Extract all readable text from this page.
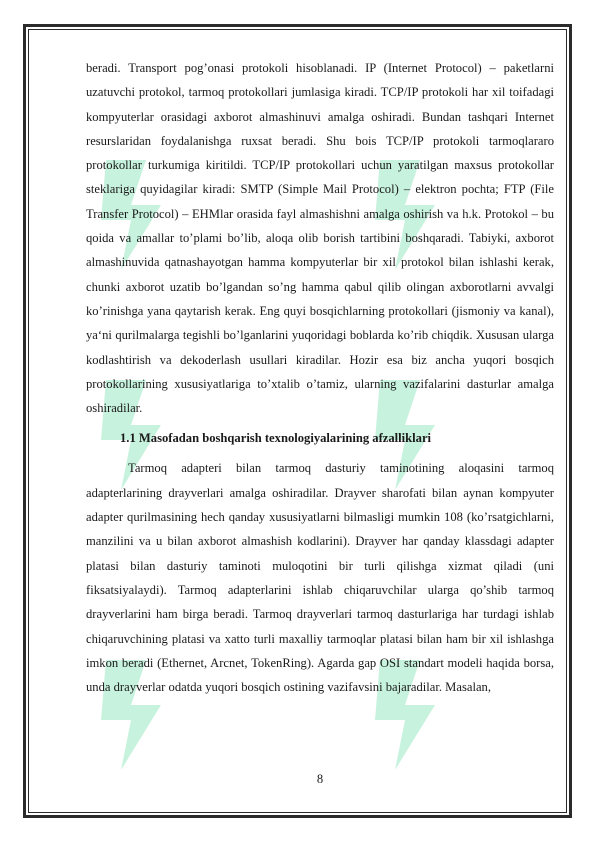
beradi. Transport pog’onasi protokoli hisoblanadi. IP (Internet Protocol) – paketlarni uzatuvchi protokol, tarmoq protokollari jumlasiga kiradi. TCP/IP protokoli har xil toifadagi kompyuterlar orasidagi axborot almashinuvi amalga oshiradi. Bundan tashqari Internet resurslaridan foydalanishga ruxsat beradi. Shu bois TCP/IP protokoli tarmoqlararo protokollar turkumiga kiritildi. TCP/IP protokollari uchun yaratilgan maxsus protokollar steklariga quyidagilar kiradi: SMTP (Simple Mail Protocol) – elektron pochta; FTP (File Transfer Protocol) – EHMlar orasida fayl almashishni amalga oshirish va h.k. Protokol – bu qoida va amallar to’plami bo’lib, aloqa olib borish tartibini boshqaradi. Tabiyki, axborot almashinuvida qatnashayotgan hamma kompyuterlar bir xil protokol bilan ishlashi kerak, chunki axborot uzatib bo’lgandan so’ng hamma qabul qilib olingan axborotlarni avvalgi ko’rinishga yana qaytarish kerak. Eng quyi bosqichlarning protokollari (jismoniy va kanal), ya‘ni qurilmalarga tegishli bo’lganlarini yuqoridagi boblarda ko’rib chiqdik. Xususan ularga kodlashtirish va dekoderlash usullari kiradilar. Hozir esa biz ancha yuqori bosqich protokollarining xususiyatlariga to’xtalib o’tamiz, ularning vazifalarini dasturlar amalga oshiradilar.

1.1 Masofadan boshqarish texnologiyalarining afzalliklari

Tarmoq adapteri bilan tarmoq dasturiy taminotining aloqasini tarmoq adapterlarining drayverlari amalga oshiradilar. Drayver sharofati bilan aynan kompyuter adapter qurilmasining hech qanday xususiyatlarni bilmasligi mumkin 108 (ko’rsatgichlarni, manzilini va u bilan axborot almashish kodlarini). Drayver har qanday klassdagi adapter platasi bilan dasturiy taminoti muloqotini bir turli qilishga xizmat qiladi (uni fiksatsiyalaydi). Tarmoq adapterlarini ishlab chiqaruvchilar ularga qo’shib tarmoq drayverlarini ham birga beradi. Tarmoq drayverlari tarmoq dasturlariga har turdagi ishlab chiqaruvchining platasi va xatto turli maxalliy tarmoqlar platasi bilan ham bir xil ishlashga imkon beradi (Ethernet, Arcnet, TokenRing). Agarda gap OSI standart modeli haqida borsa, unda drayverlar odatda yuqori bosqich ostining vazifavsini bajaradilar. Masalan,

8
